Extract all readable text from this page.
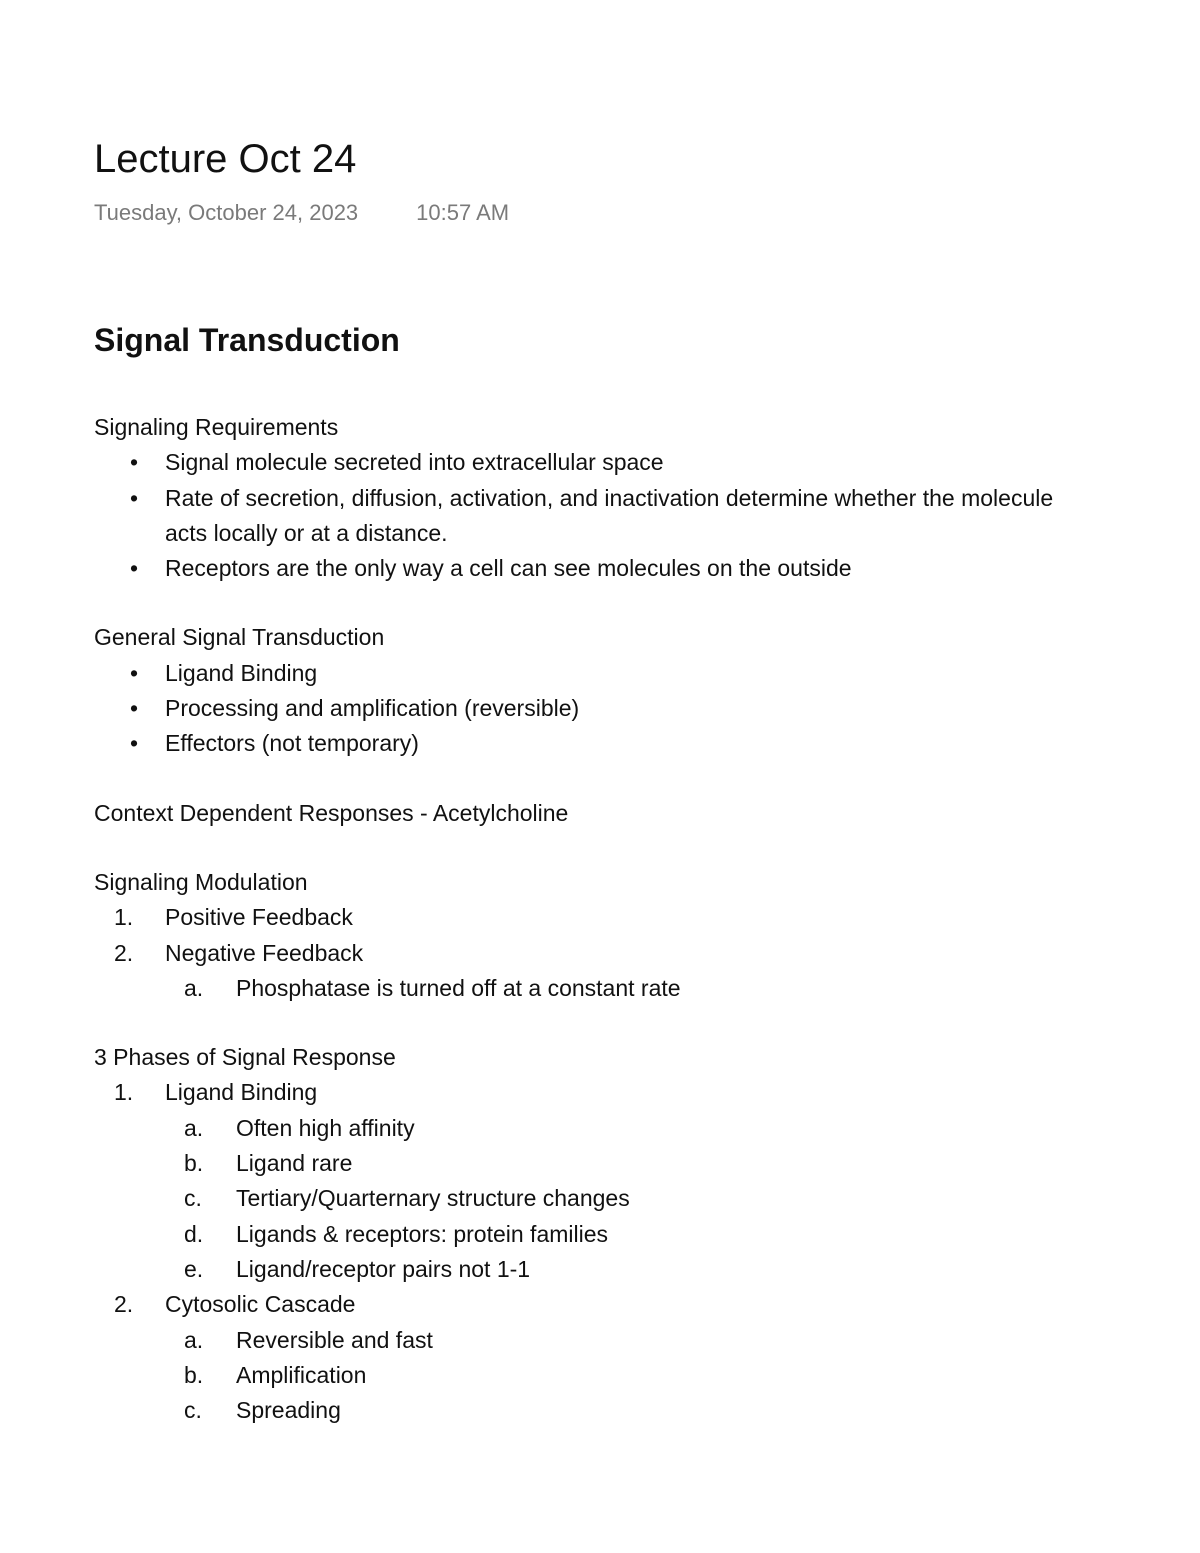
Lecture Oct 24
Tuesday, October 24, 2023	10:57 AM
Signal Transduction
Signaling Requirements
• Signal molecule secreted into extracellular space
• Rate of secretion, diffusion, activation, and inactivation determine whether the molecule
acts locally or at a distance.
• Receptors are the only way a cell can see molecules on the outside
General Signal Transduction
• Ligand Binding
• Processing and amplification (reversible)
• Effectors (not temporary)
Context Dependent Responses - Acetylcholine
Signaling Modulation
1.	Positive Feedback
2.	Negative Feedback
a.	Phosphatase is turned off at a constant rate
3 Phases of Signal Response
1.	Ligand Binding
a.	Often high affinity
b.	Ligand rare
c.	Tertiary/Quarternary structure changes
d.	Ligands & receptors: protein families
e.	Ligand/receptor pairs not 1-1
2.	Cytosolic Cascade
a.	Reversible and fast
b.	Amplification
c.	Spreading
